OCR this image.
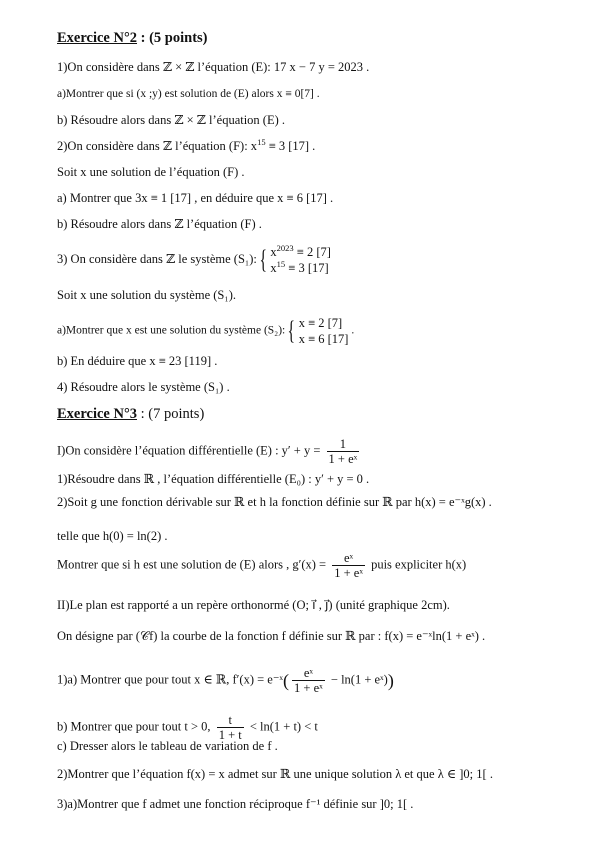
Exercice N°2 : (5 points)
1)On considère dans ℤ × ℤ l’équation (E): 17 x − 7 y = 2023 .
a)Montrer que si (x ;y) est solution de (E) alors x ≡ 0[7] .
b) Résoudre alors dans ℤ × ℤ l’équation (E) .
2)On considère dans ℤ l’équation (F): $x^{15} \equiv 3$ [17] .
Soit x une solution de l’équation (F) .
a) Montrer que 3x ≡ 1 [17] , en déduire que x ≡ 6 [17] .
b) Résoudre alors dans ℤ l’équation (F) .
3) On considère dans ℤ le système (S₁):{ $x^{2023} \equiv 2$ [7]
$x^{15} \equiv 3$ [17]
Soit x une solution du système (S₁).
a)Montrer que x est une solution du système (S₂):{ x ≡ 2 [7]
x ≡ 6 [17]
.
b) En déduire que x ≡ 23 [119] .
4) Résoudre alors le système (S₁) .
Exercice N°3 : (7 points)
I)On considère l’équation différentielle (E) : $y' + y = \frac{1}{\text{1 + eˣ}}$
1)Résoudre dans ℝ , l’équation différentielle (E₀) : y′ + y = 0 .
2)Soit g une fonction dérivable sur ℝ et h la fonction définie sur ℝ par h(x) = e⁻ˣg(x) .
telle que h(0) = ln(2) .
Montrer que si h est une solution de (E) alors , $g'(x) = \frac{\text{eˣ}}{\text{1 + eˣ}}$ puis expliciter h(x)
II)Le plan est rapporté a un repère orthonormé (O; i⃗ , j⃗) (unité graphique 2cm).
On désigne par (𝒞f) la courbe de la fonction f définie sur ℝ par : f(x) = e⁻ˣln(1 + eˣ) .
1)a) Montrer que pour tout x ∈ ℝ, f′(x) = e⁻ˣ( $\frac{\text{eˣ}}{\text{1 + eˣ}} - \ln(1$ + eˣ))
b) Montrer que pour tout t > 0, $\frac{t}{1 + t} < \ln(1 + t) < t$
c) Dresser alors le tableau de variation de f .
2)Montrer que l’équation f(x) = x admet sur ℝ une unique solution λ et que λ ∈ ]0; 1[ .
3)a)Montrer que f admet une fonction réciproque f⁻¹ définie sur ]0; 1[ .
